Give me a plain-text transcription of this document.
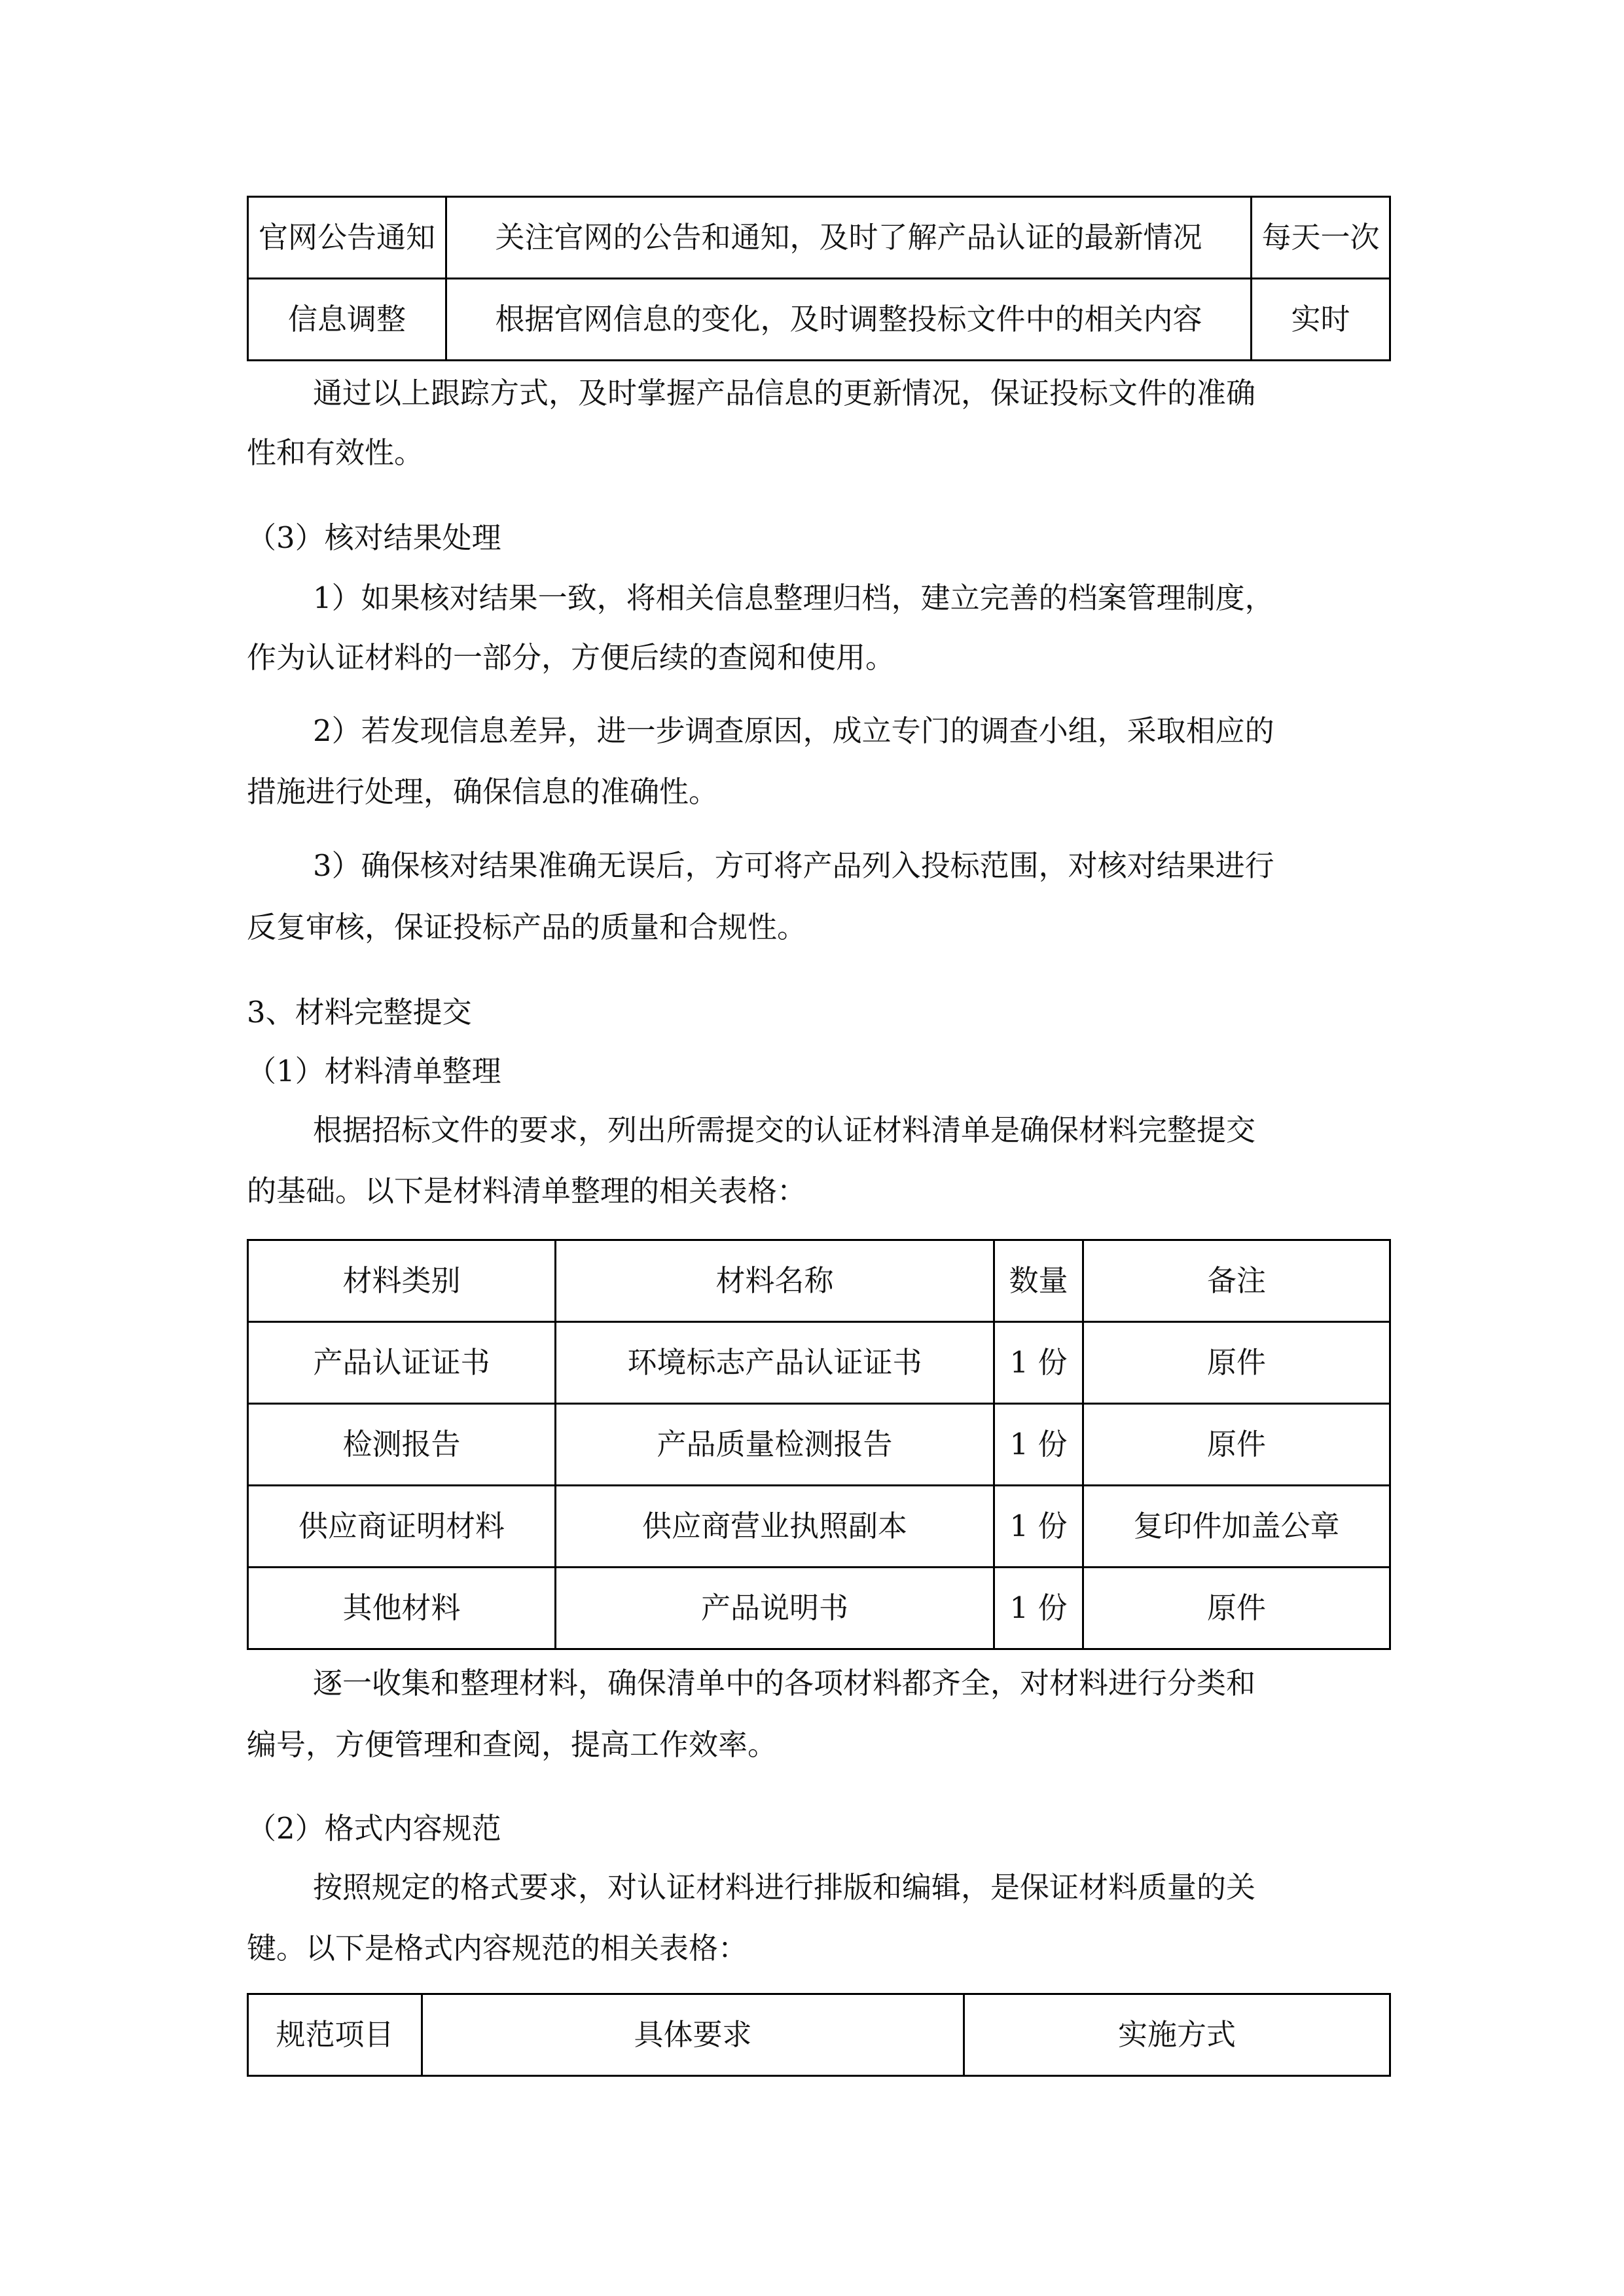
官网公告通知	关注官网的公告和通知，及时了解产品认证的最新情况	每天一次
信息调整	根据官网信息的变化，及时调整投标文件中的相关内容	实时
通过以上跟踪方式，及时掌握产品信息的更新情况，保证投标文件的准确
性和有效性。
（3）核对结果处理
1）如果核对结果一致，将相关信息整理归档，建立完善的档案管理制度，
作为认证材料的一部分，方便后续的查阅和使用。
2）若发现信息差异，进一步调查原因，成立专门的调查小组，采取相应的
措施进行处理，确保信息的准确性。
3）确保核对结果准确无误后，方可将产品列入投标范围，对核对结果进行
反复审核，保证投标产品的质量和合规性。
3、材料完整提交
（1）材料清单整理
根据招标文件的要求，列出所需提交的认证材料清单是确保材料完整提交
的基础。以下是材料清单整理的相关表格：
材料类别	材料名称	数量	备注
产品认证证书	环境标志产品认证证书	1 份	原件
检测报告	产品质量检测报告	1 份	原件
供应商证明材料	供应商营业执照副本	1 份	复印件加盖公章
其他材料	产品说明书	1 份	原件
逐一收集和整理材料，确保清单中的各项材料都齐全，对材料进行分类和
编号，方便管理和查阅，提高工作效率。
（2）格式内容规范
按照规定的格式要求，对认证材料进行排版和编辑，是保证材料质量的关
键。以下是格式内容规范的相关表格：
规范项目	具体要求	实施方式
